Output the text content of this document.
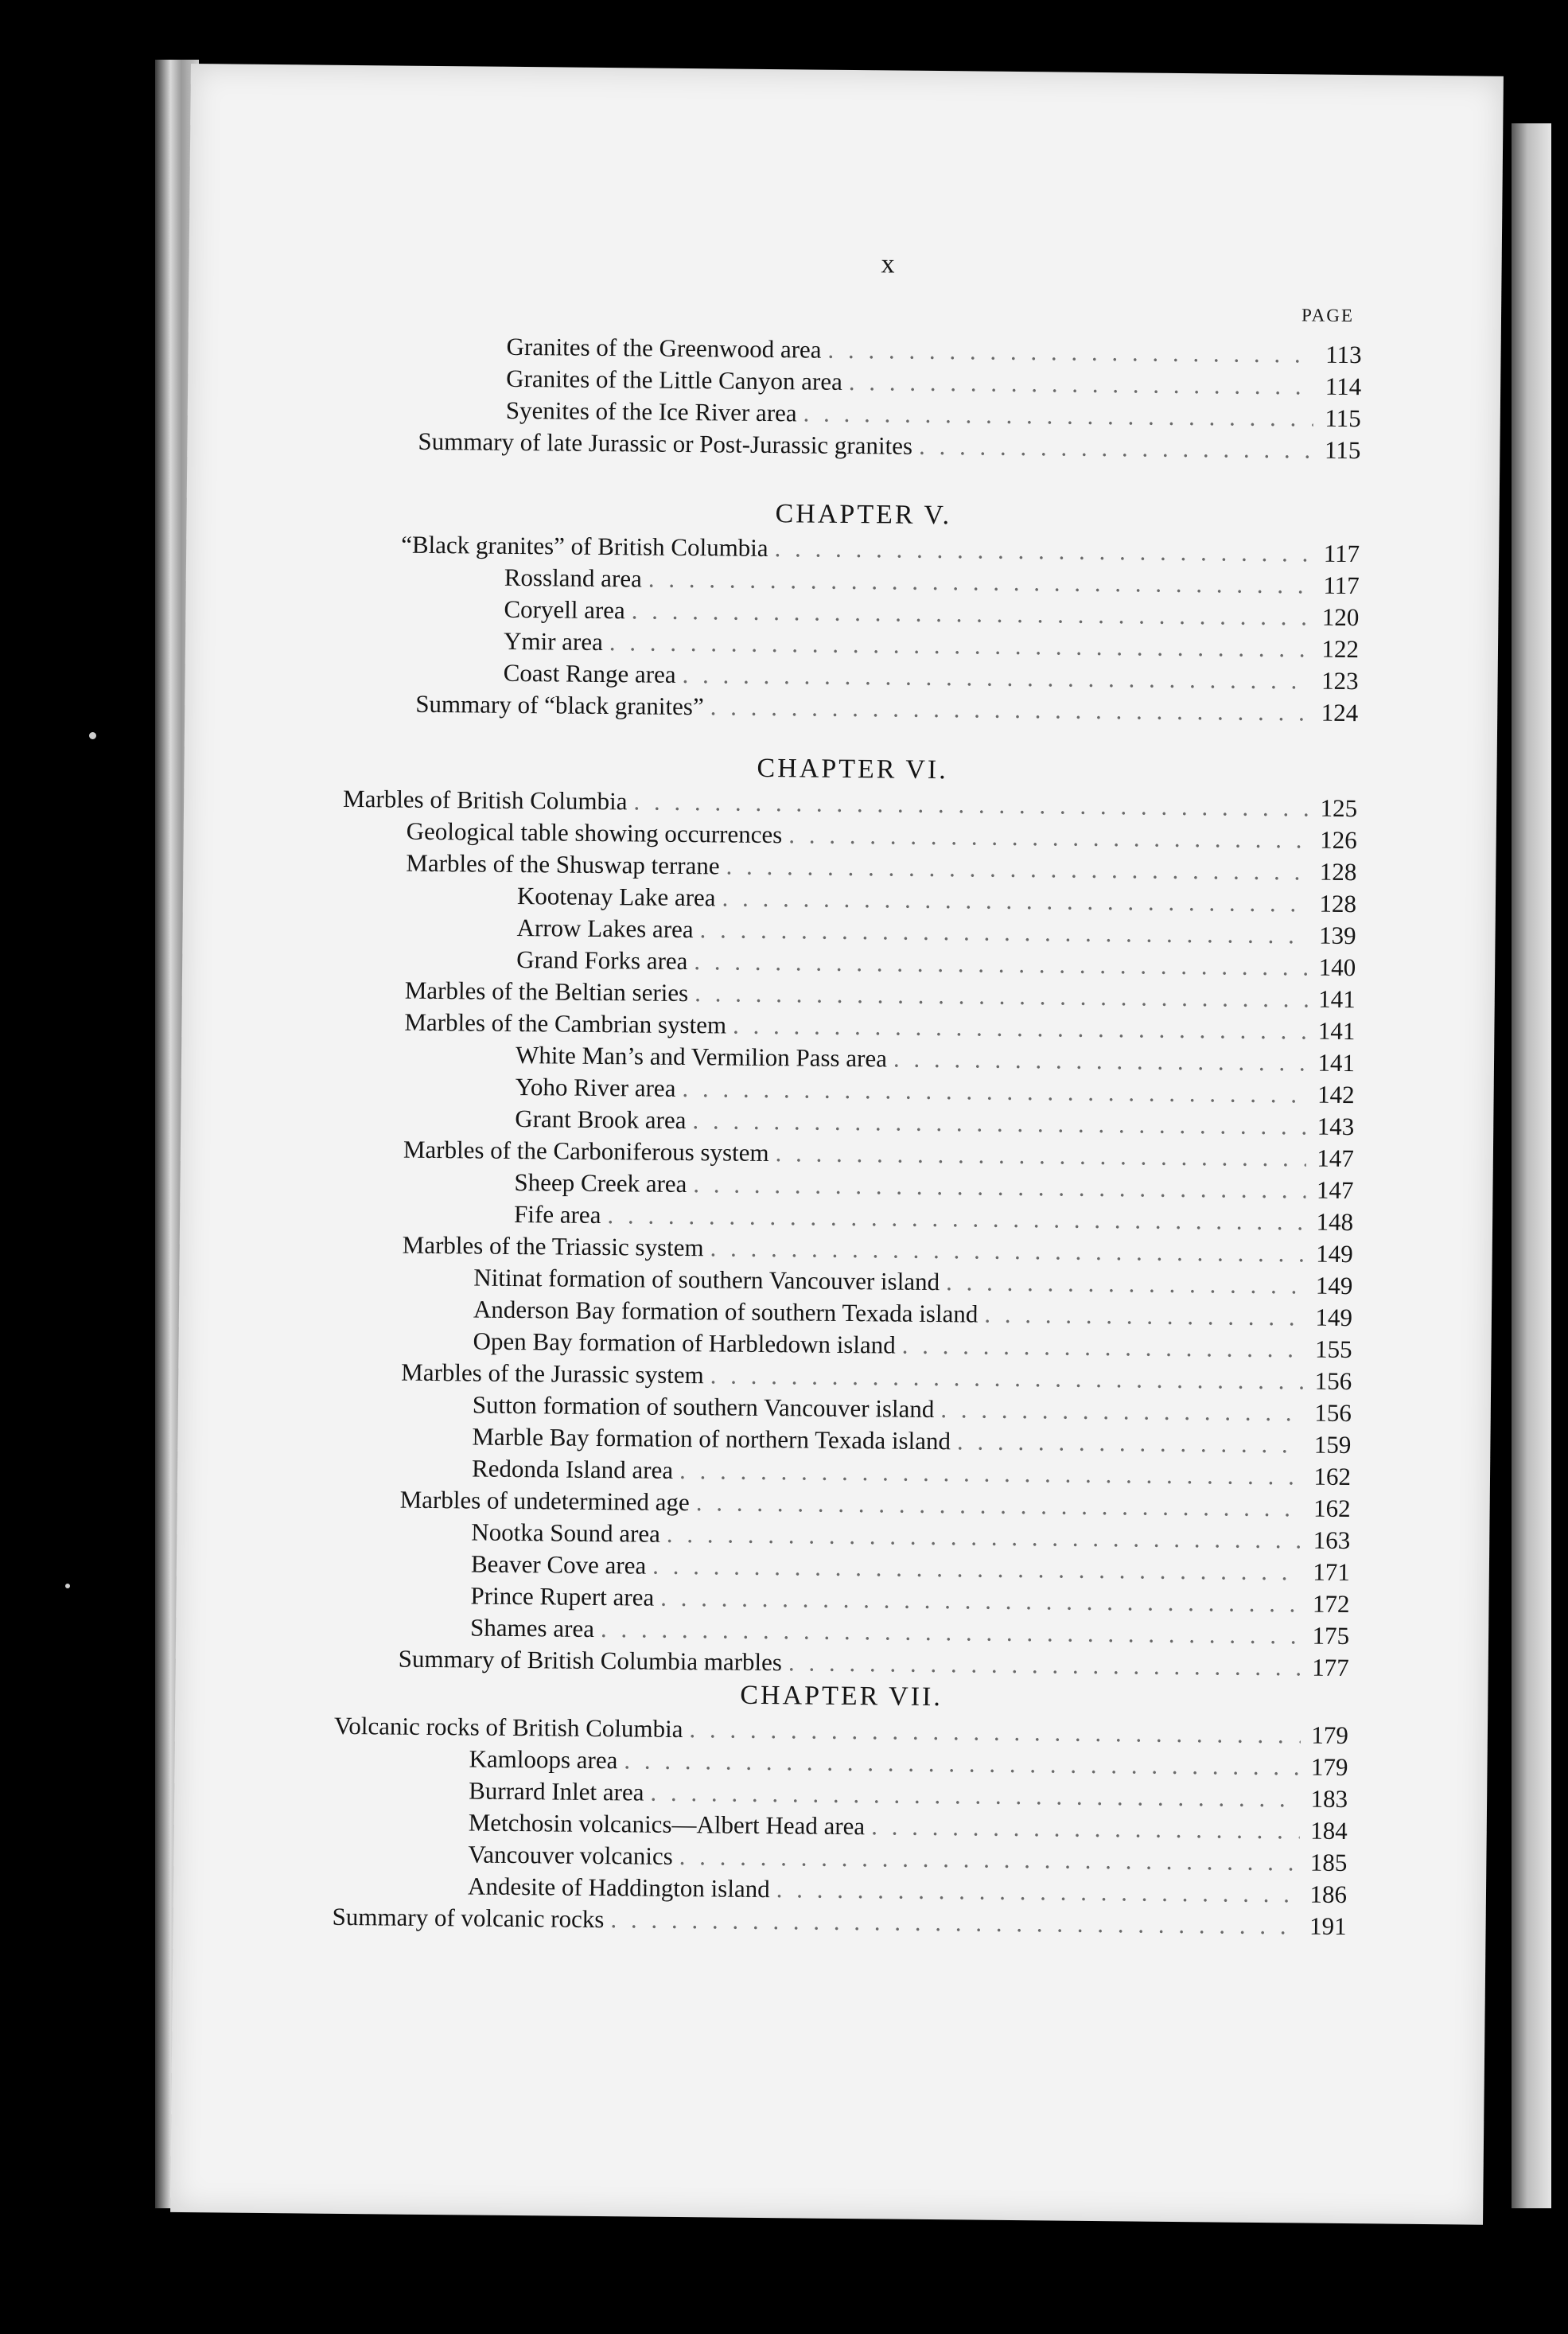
x
PAGE
Granites of the Greenwood area . . .	113
Granites of the Little Canyon area . . .	114
Syenites of the Ice River area . . .	115
Summary of late Jurassic or Post-Jurassic granites . . .	115
CHAPTER V.
“Black granites” of British Columbia . . .	117
Rossland area . . .	117
Coryell area . . .	120
Ymir area . . .	122
Coast Range area . . .	123
Summary of “black granites” . . .	124
CHAPTER VI.
Marbles of British Columbia . . .	125
Geological table showing occurrences . . .	126
Marbles of the Shuswap terrane . . .	128
Kootenay Lake area . . .	128
Arrow Lakes area . . .	139
Grand Forks area . . .	140
Marbles of the Beltian series . . .	141
Marbles of the Cambrian system . . .	141
White Man’s and Vermilion Pass area . . .	141
Yoho River area . . .	142
Grant Brook area . . .	143
Marbles of the Carboniferous system . . .	147
Sheep Creek area . . .	147
Fife area . . .	148
Marbles of the Triassic system . . .	149
Nitinat formation of southern Vancouver island . . .	149
Anderson Bay formation of southern Texada island . . .	149
Open Bay formation of Harbledown island . . .	155
Marbles of the Jurassic system . . .	156
Sutton formation of southern Vancouver island . . .	156
Marble Bay formation of northern Texada island . . .	159
Redonda Island area . . .	162
Marbles of undetermined age . . .	162
Nootka Sound area . . .	163
Beaver Cove area . . .	171
Prince Rupert area . . .	172
Shames area . . .	175
Summary of British Columbia marbles . . .	177
CHAPTER VII.
Volcanic rocks of British Columbia . . .	179
Kamloops area . . .	179
Burrard Inlet area . . .	183
Metchosin volcanics—Albert Head area . . .	184
Vancouver volcanics . . .	185
Andesite of Haddington island . . .	186
Summary of volcanic rocks . . .	191
